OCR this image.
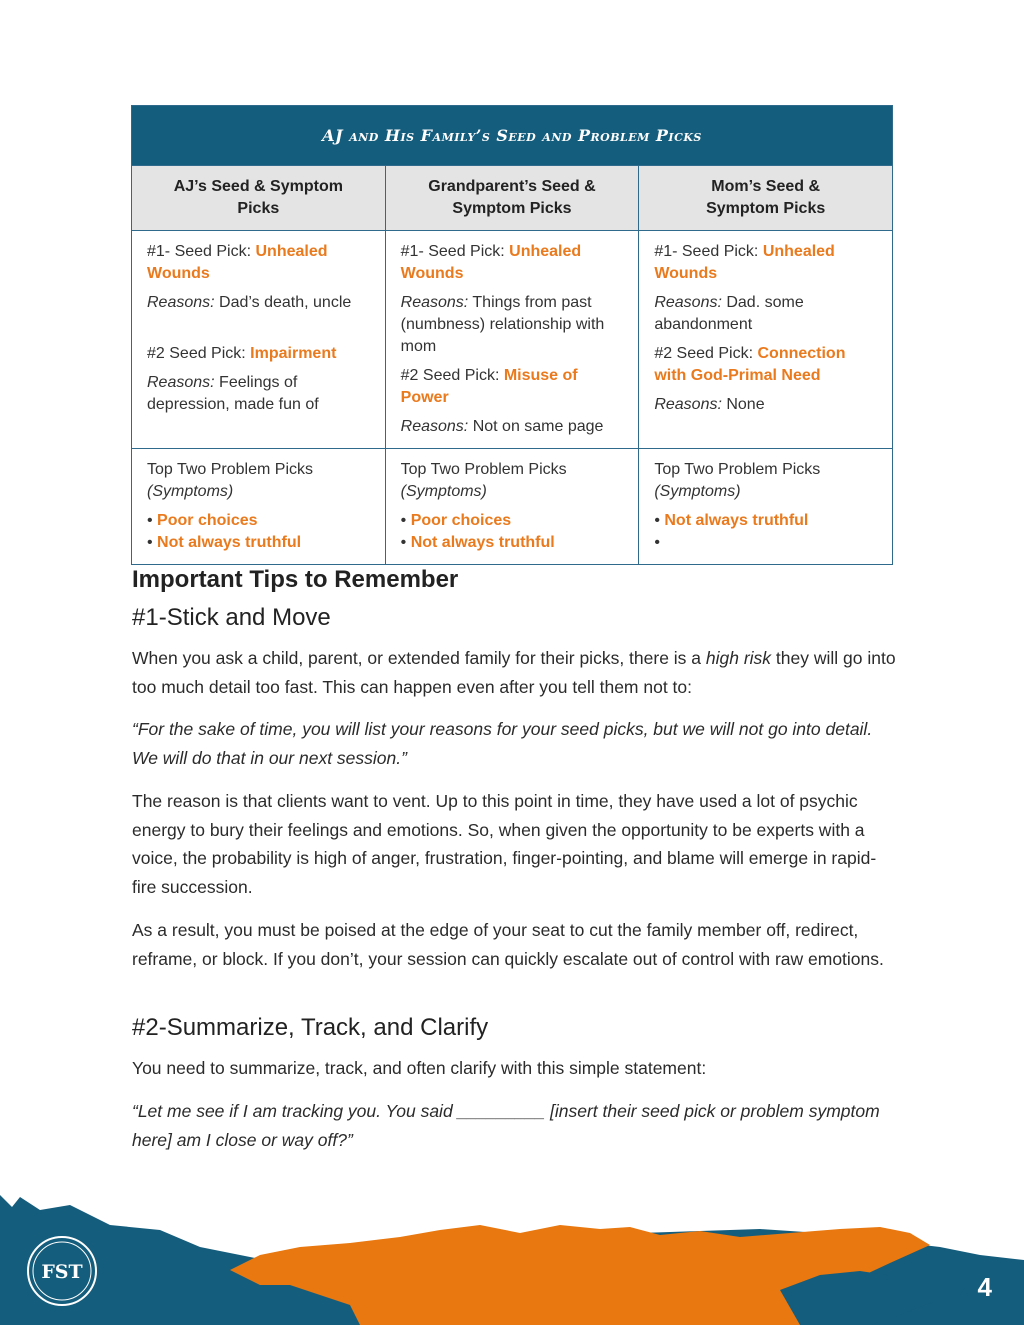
AJ and His Family’s Seed and Problem Picks		
AJ’s Seed & Symptom Picks	Grandparent’s Seed & Symptom Picks	Mom’s Seed & Symptom Picks

#1- Seed Pick: Unhealed Wounds
Reasons: Dad’s death, uncle
#2 Seed Pick: Impairment
Reasons: Feelings of depression, made fun of	#1- Seed Pick: Unhealed Wounds
Reasons: Things from past (numbness) relationship with mom
#2 Seed Pick: Misuse of Power
Reasons: Not on same page	#1- Seed Pick: Unhealed Wounds
Reasons: Dad. some abandonment
#2 Seed Pick: Connection with God-Primal Need
Reasons: None

Top Two Problem Picks
(Symptoms)
• Poor choices
• Not always truthful	Top Two Problem Picks
(Symptoms)
• Poor choices
• Not always truthful	Top Two Problem Picks
(Symptoms)
• Not always truthful
•
Important Tips to Remember
#1-Stick and Move

When you ask a child, parent, or extended family for their picks, there is a high risk they will go into too much detail too fast. This can happen even after you tell them not to:

“For the sake of time, you will list your reasons for your seed picks, but we will not go into detail. We will do that in our next session.”

The reason is that clients want to vent. Up to this point in time, they have used a lot of psychic energy to bury their feelings and emotions. So, when given the opportunity to be experts with a voice, the probability is high of anger, frustration, finger-pointing, and blame will emerge in rapid-fire succession.

As a result, you must be poised at the edge of your seat to cut the family member off, redirect, reframe, or block. If you don’t, your session can quickly escalate out of control with raw emotions.

#2-Summarize, Track, and Clarify

You need to summarize, track, and often clarify with this simple statement:

“Let me see if I am tracking you. You said _________ [insert their seed pick or problem symptom here] am I close or way off?”

FST	4
